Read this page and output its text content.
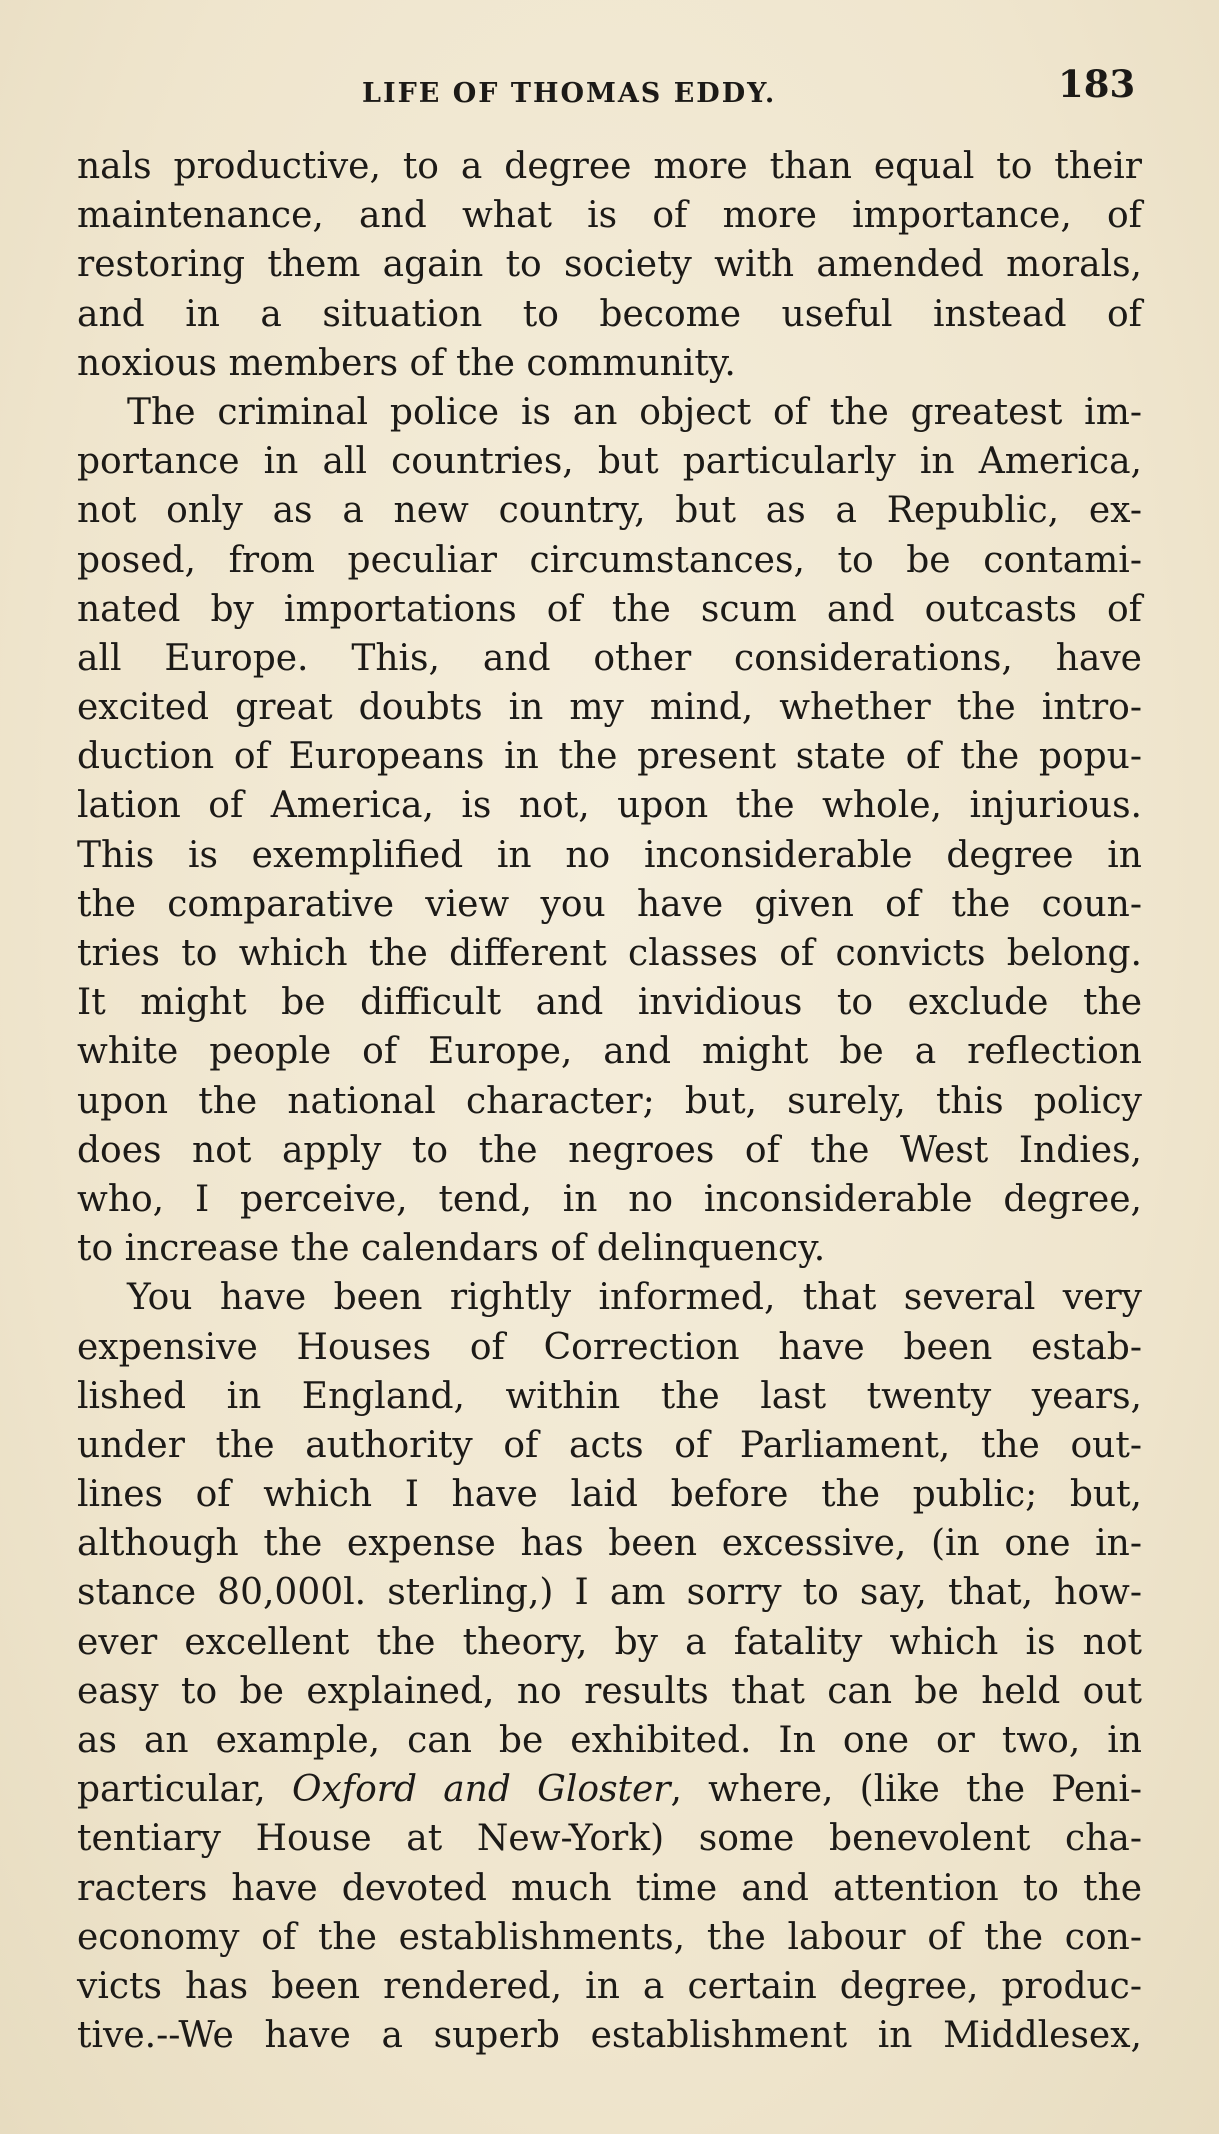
LIFE OF THOMAS EDDY.	183
nals productive, to a degree more than equal to their
maintenance, and what is of more importance, of
restoring them again to society with amended morals,
and in a situation to become useful instead of
noxious members of the community.
The criminal police is an object of the greatest im-
portance in all countries, but particularly in America,
not only as a new country, but as a Republic, ex-
posed, from peculiar circumstances, to be contami-
nated by importations of the scum and outcasts of
all Europe. This, and other considerations, have
excited great doubts in my mind, whether the intro-
duction of Europeans in the present state of the popu-
lation of America, is not, upon the whole, injurious.
This is exemplified in no inconsiderable degree in
the comparative view you have given of the coun-
tries to which the different classes of convicts belong.
It might be difficult and invidious to exclude the
white people of Europe, and might be a reflection
upon the national character; but, surely, this policy
does not apply to the negroes of the West Indies,
who, I perceive, tend, in no inconsiderable degree,
to increase the calendars of delinquency.
You have been rightly informed, that several very
expensive Houses of Correction have been estab-
lished in England, within the last twenty years,
under the authority of acts of Parliament, the out-
lines of which I have laid before the public; but,
although the expense has been excessive, (in one in-
stance 80,000l. sterling,) I am sorry to say, that, how-
ever excellent the theory, by a fatality which is not
easy to be explained, no results that can be held out
as an example, can be exhibited. In one or two, in
particular, Oxford and Gloster, where, (like the Peni-
tentiary House at New-York) some benevolent cha-
racters have devoted much time and attention to the
economy of the establishments, the labour of the con-
victs has been rendered, in a certain degree, produc-
tive.--We have a superb establishment in Middlesex,
